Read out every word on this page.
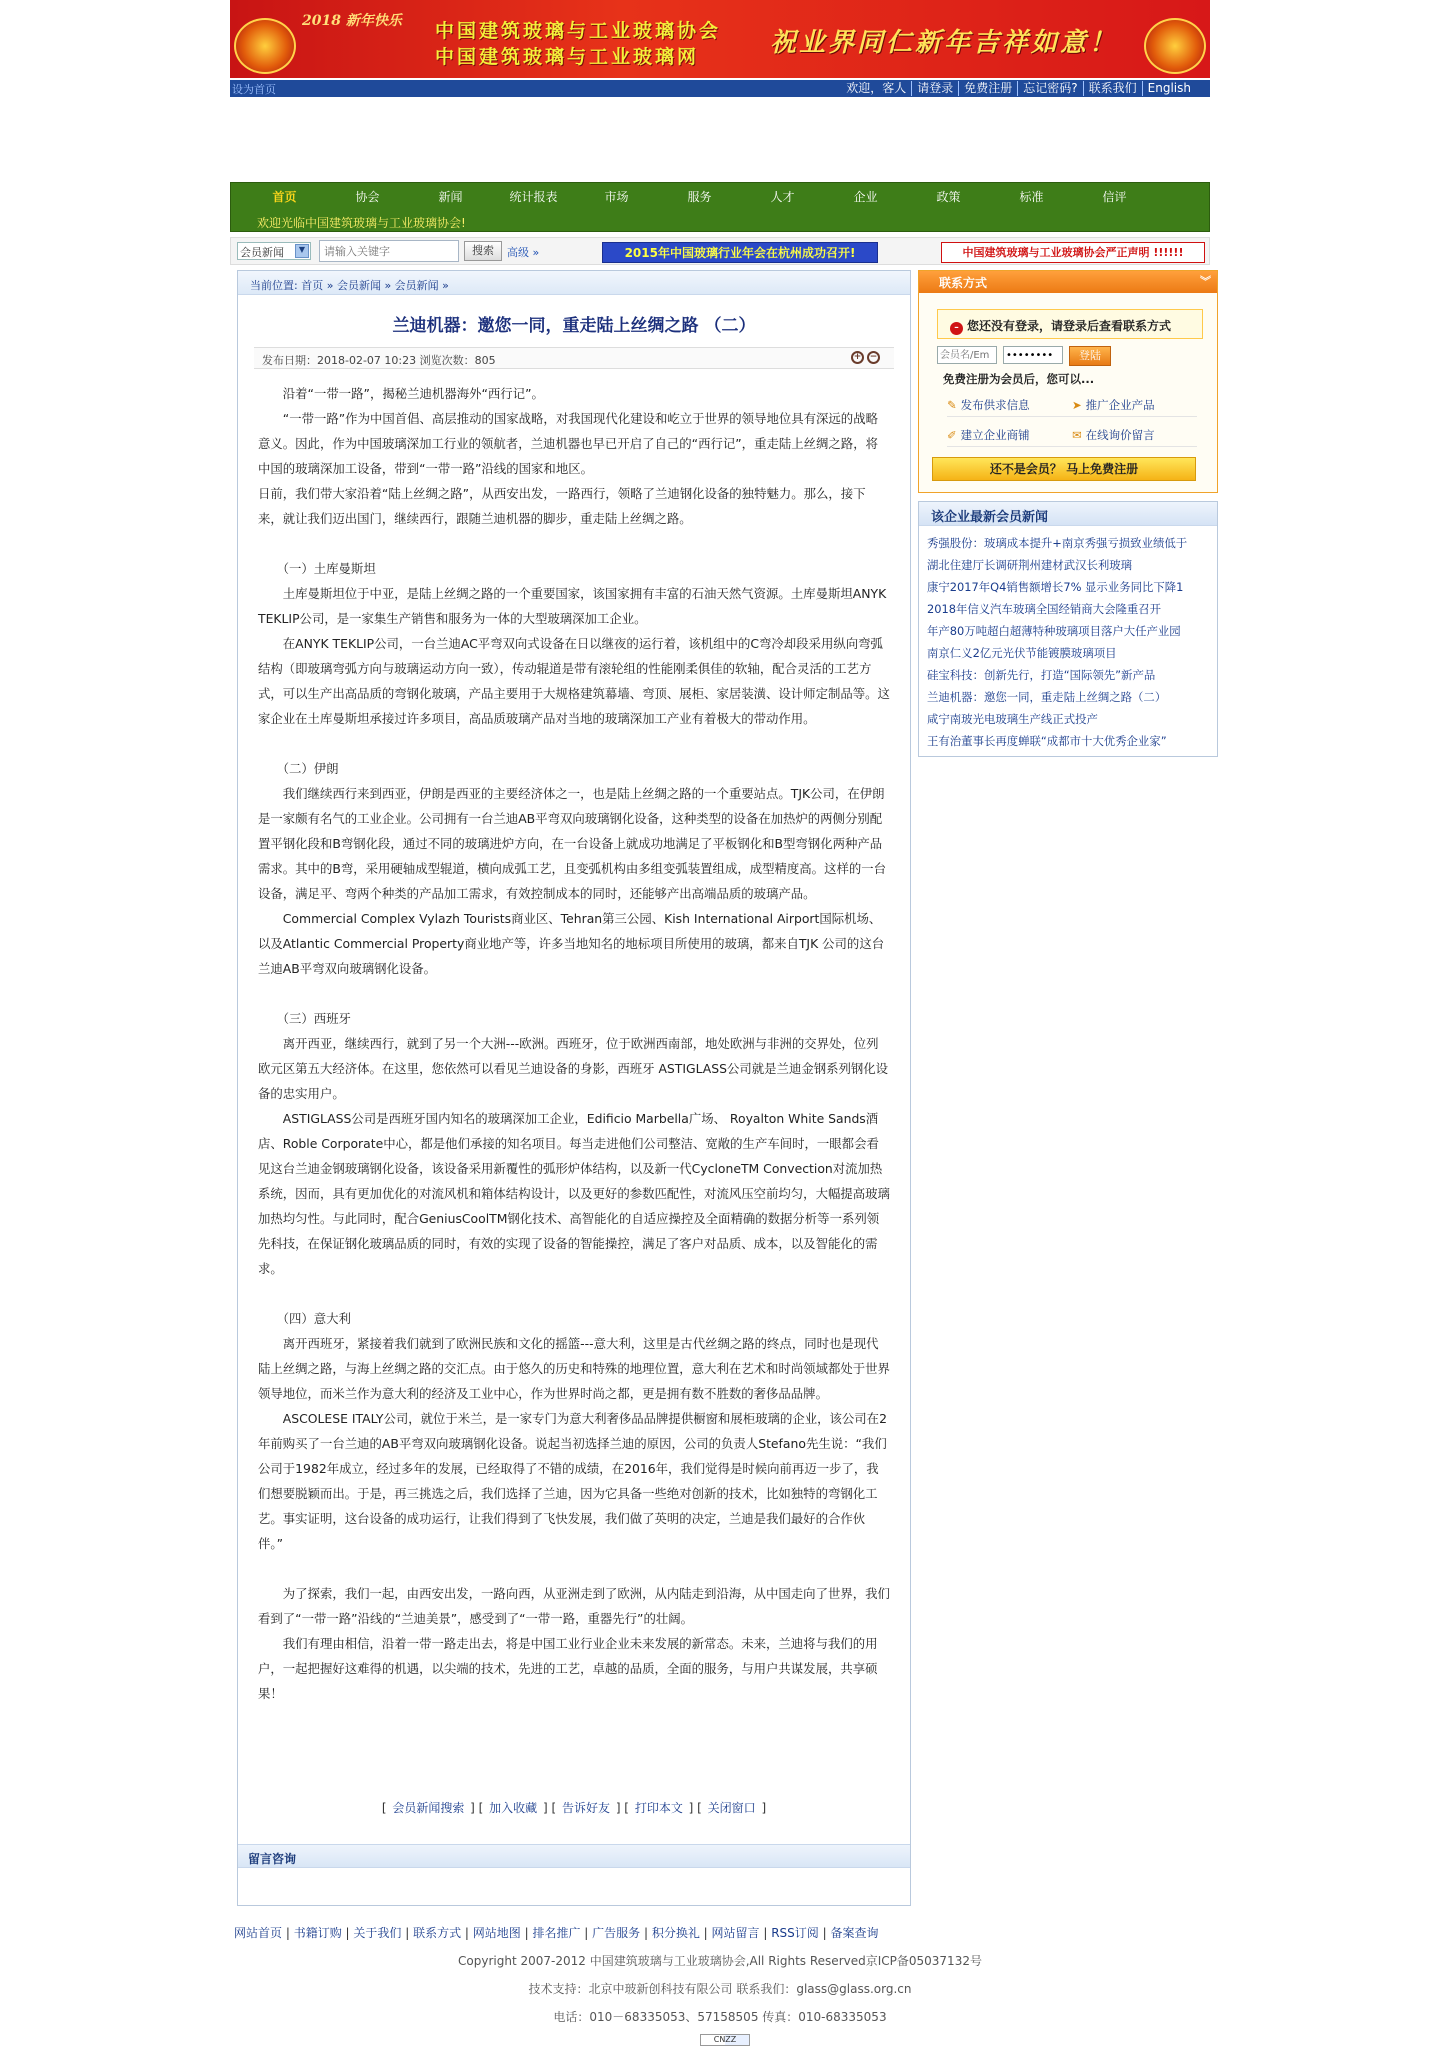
2018 新年快乐	中国建筑玻璃与工业玻璃协会
中国建筑玻璃与工业玻璃网	祝业界同仁新年吉祥如意！
设为首页	欢迎，客人 请登录 免费注册 忘记密码? 联系我们 English
首页	协会	新闻	统计报表	市场	服务	人才	企业	政策	标准	信评
欢迎光临中国建筑玻璃与工业玻璃协会!
会员新闻	▼
请输入关键字	搜索	高级 »	2015年中国玻璃行业年会在杭州成功召开!	中国建筑玻璃与工业玻璃协会严正声明 !!!!!!
当前位置: 首页 » 会员新闻 » 会员新闻 »
兰迪机器：邀您一同，重走陆上丝绸之路 （二）
发布日期：2018-02-07 10:23 浏览次数：805	+ −

　　沿着“一带一路”，揭秘兰迪机器海外“西行记”。

　　“一带一路”作为中国首倡、高层推动的国家战略，对我国现代化建设和屹立于世界的领导地位具有深远的战略意义。因此，作为中国玻璃深加工行业的领航者，兰迪机器也早已开启了自己的“西行记”，重走陆上丝绸之路，将中国的玻璃深加工设备，带到“一带一路”沿线的国家和地区。

日前，我们带大家沿着“陆上丝绸之路”，从西安出发，一路西行，领略了兰迪钢化设备的独特魅力。那么，接下来，就让我们迈出国门，继续西行，跟随兰迪机器的脚步，重走陆上丝绸之路。

　　（一）土库曼斯坦

　　土库曼斯坦位于中亚，是陆上丝绸之路的一个重要国家，该国家拥有丰富的石油天然气资源。土库曼斯坦ANYK TEKLIP公司，是一家集生产销售和服务为一体的大型玻璃深加工企业。

　　在ANYK TEKLIP公司，一台兰迪AC平弯双向式设备在日以继夜的运行着，该机组中的C弯冷却段采用纵向弯弧结构（即玻璃弯弧方向与玻璃运动方向一致），传动辊道是带有滚轮组的性能刚柔俱佳的软轴，配合灵活的工艺方式，可以生产出高品质的弯钢化玻璃，产品主要用于大规格建筑幕墙、弯顶、展柜、家居装潢、设计师定制品等。这家企业在土库曼斯坦承接过许多项目，高品质玻璃产品对当地的玻璃深加工产业有着极大的带动作用。

　　（二）伊朗

　　我们继续西行来到西亚，伊朗是西亚的主要经济体之一，也是陆上丝绸之路的一个重要站点。TJK公司，在伊朗是一家颇有名气的工业企业。公司拥有一台兰迪AB平弯双向玻璃钢化设备，这种类型的设备在加热炉的两侧分别配置平钢化段和B弯钢化段，通过不同的玻璃进炉方向，在一台设备上就成功地满足了平板钢化和B型弯钢化两种产品需求。其中的B弯，采用硬轴成型辊道，横向成弧工艺，且变弧机构由多组变弧装置组成，成型精度高。这样的一台设备，满足平、弯两个种类的产品加工需求，有效控制成本的同时，还能够产出高端品质的玻璃产品。

　　Commercial Complex Vylazh Tourists商业区、Tehran第三公园、Kish International Airport国际机场、以及Atlantic Commercial Property商业地产等，许多当地知名的地标项目所使用的玻璃，都来自TJK 公司的这台兰迪AB平弯双向玻璃钢化设备。

　　（三）西班牙

　　离开西亚，继续西行，就到了另一个大洲---欧洲。西班牙，位于欧洲西南部，地处欧洲与非洲的交界处，位列欧元区第五大经济体。在这里，您依然可以看见兰迪设备的身影，西班牙 ASTIGLASS公司就是兰迪金钢系列钢化设备的忠实用户。

　　ASTIGLASS公司是西班牙国内知名的玻璃深加工企业，Edificio Marbella广场、 Royalton White Sands酒店、Roble Corporate中心，都是他们承接的知名项目。每当走进他们公司整洁、宽敞的生产车间时，一眼都会看见这台兰迪金钢玻璃钢化设备，该设备采用新覆性的弧形炉体结构，以及新一代CycloneTM Convection对流加热系统，因而，具有更加优化的对流风机和箱体结构设计，以及更好的参数匹配性，对流风压空前均匀，大幅提高玻璃加热均匀性。与此同时，配合GeniusCoolTM钢化技术、高智能化的自适应操控及全面精确的数据分析等一系列领先科技，在保证钢化玻璃品质的同时，有效的实现了设备的智能操控，满足了客户对品质、成本，以及智能化的需求。

　　（四）意大利

　　离开西班牙，紧接着我们就到了欧洲民族和文化的摇篮---意大利，这里是古代丝绸之路的终点，同时也是现代陆上丝绸之路，与海上丝绸之路的交汇点。由于悠久的历史和特殊的地理位置，意大利在艺术和时尚领域都处于世界领导地位，而米兰作为意大利的经济及工业中心，作为世界时尚之都，更是拥有数不胜数的奢侈品品牌。

　　ASCOLESE ITALY公司，就位于米兰，是一家专门为意大利奢侈品品牌提供橱窗和展柜玻璃的企业，该公司在2年前购买了一台兰迪的AB平弯双向玻璃钢化设备。说起当初选择兰迪的原因，公司的负责人Stefano先生说：“我们公司于1982年成立，经过多年的发展，已经取得了不错的成绩，在2016年，我们觉得是时候向前再迈一步了，我们想要脱颖而出。于是，再三挑选之后，我们选择了兰迪，因为它具备一些绝对创新的技术，比如独特的弯钢化工艺。事实证明，这台设备的成功运行，让我们得到了飞快发展，我们做了英明的决定，兰迪是我们最好的合作伙伴。”

　　为了探索，我们一起，由西安出发，一路向西，从亚洲走到了欧洲，从内陆走到沿海，从中国走向了世界，我们看到了“一带一路”沿线的“兰迪美景”，感受到了“一带一路，重器先行”的壮阔。

　　我们有理由相信，沿着一带一路走出去，将是中国工业行业企业未来发展的新常态。未来，兰迪将与我们的用户，一起把握好这难得的机遇，以尖端的技术，先进的工艺，卓越的品质，全面的服务，与用户共谋发展，共享硕果！

[ 会员新闻搜索 ] [ 加入收藏 ] [ 告诉好友 ] [ 打印本文 ] [ 关闭窗口 ]
留言咨询
联系方式	︾
– 您还没有登录，请登录后查看联系方式
会员名/Em
••••••••
登陆
免费注册为会员后，您可以...
✎ 发布供求信息	➤ 推广企业产品
✐ 建立企业商铺	✉ 在线询价留言
还不是会员？ 马上免费注册
该企业最新会员新闻
秀强股份：玻璃成本提升+南京秀强亏损致业绩低于
湖北住建厅长调研荆州建材武汉长利玻璃
康宁2017年Q4销售额增长7% 显示业务同比下降1
2018年信义汽车玻璃全国经销商大会隆重召开
年产80万吨超白超薄特种玻璃项目落户大任产业园
南京仁义2亿元光伏节能镀膜玻璃项目
硅宝科技：创新先行，打造“国际领先”新产品
兰迪机器：邀您一同，重走陆上丝绸之路（二）
咸宁南玻光电玻璃生产线正式投产
王有治董事长再度蝉联“成都市十大优秀企业家”
网站首页 | 书籍订购 | 关于我们 | 联系方式 | 网站地图 | 排名推广 | 广告服务 | 积分换礼 | 网站留言 | RSS订阅 | 备案查询
Copyright 2007-2012 中国建筑玻璃与工业玻璃协会,All Rights Reserved京ICP备05037132号
技术支持：北京中玻新创科技有限公司 联系我们：glass@glass.org.cn
电话：010－68335053、57158505 传真：010-68335053
CNZZ
